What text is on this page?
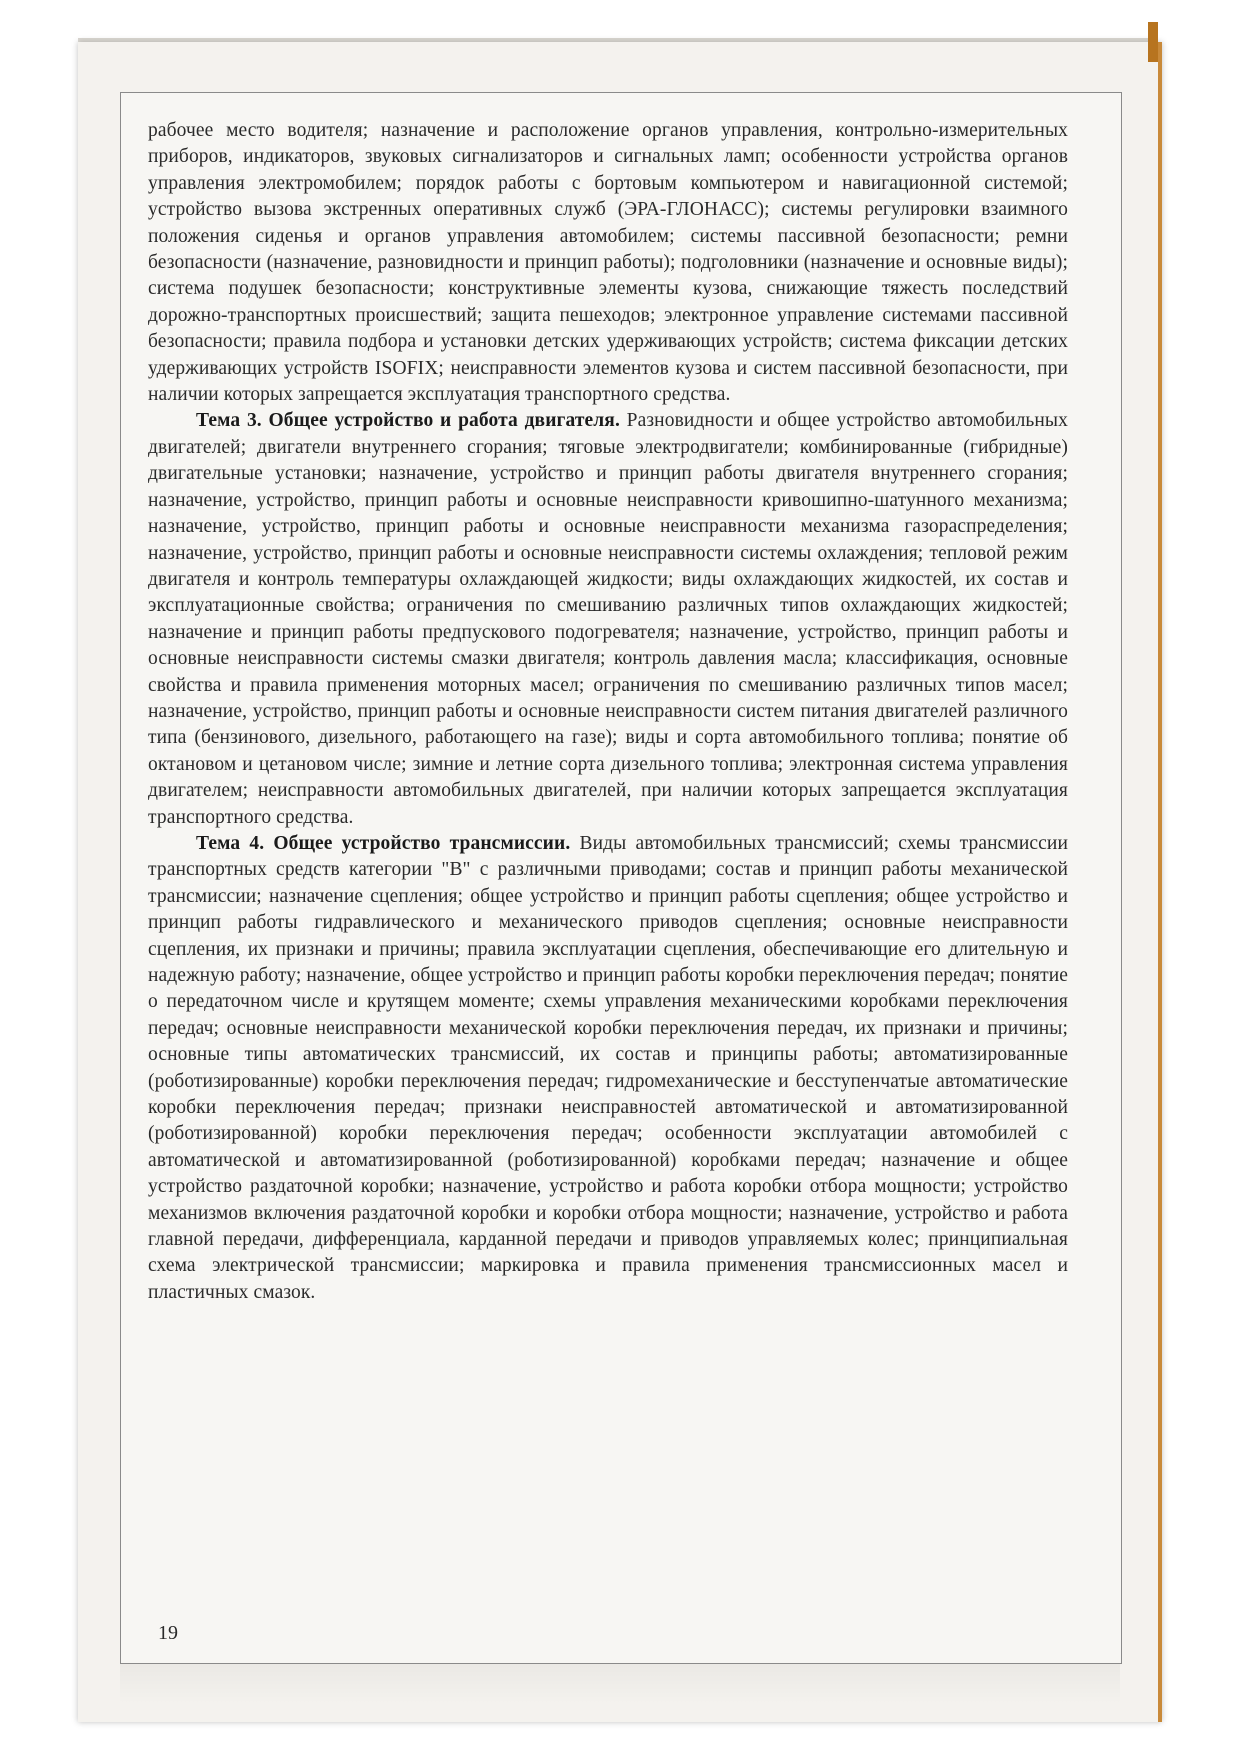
рабочее место водителя; назначение и расположение органов управления, контрольно-измерительных приборов, индикаторов, звуковых сигнализаторов и сигнальных ламп; особенности устройства органов управления электромобилем; порядок работы с бортовым компьютером и навигационной системой; устройство вызова экстренных оперативных служб (ЭРА-ГЛОНАСС); системы регулировки взаимного положения сиденья и органов управления автомобилем; системы пассивной безопасности; ремни безопасности (назначение, разновидности и принцип работы); подголовники (назначение и основные виды); система подушек безопасности; конструктивные элементы кузова, снижающие тяжесть последствий дорожно-транспортных происшествий; защита пешеходов; электронное управление системами пассивной безопасности; правила подбора и установки детских удерживающих устройств; система фиксации детских удерживающих устройств ISOFIX; неисправности элементов кузова и систем пассивной безопасности, при наличии которых запрещается эксплуатация транспортного средства.

Тема 3. Общее устройство и работа двигателя. Разновидности и общее устройство автомобильных двигателей; двигатели внутреннего сгорания; тяговые электродвигатели; комбинированные (гибридные) двигательные установки; назначение, устройство и принцип работы двигателя внутреннего сгорания; назначение, устройство, принцип работы и основные неисправности кривошипно-шатунного механизма; назначение, устройство, принцип работы и основные неисправности механизма газораспределения; назначение, устройство, принцип работы и основные неисправности системы охлаждения; тепловой режим двигателя и контроль температуры охлаждающей жидкости; виды охлаждающих жидкостей, их состав и эксплуатационные свойства; ограничения по смешиванию различных типов охлаждающих жидкостей; назначение и принцип работы предпускового подогревателя; назначение, устройство, принцип работы и основные неисправности системы смазки двигателя; контроль давления масла; классификация, основные свойства и правила применения моторных масел; ограничения по смешиванию различных типов масел; назначение, устройство, принцип работы и основные неисправности систем питания двигателей различного типа (бензинового, дизельного, работающего на газе); виды и сорта автомобильного топлива; понятие об октановом и цетановом числе; зимние и летние сорта дизельного топлива; электронная система управления двигателем; неисправности автомобильных двигателей, при наличии которых запрещается эксплуатация транспортного средства.

Тема 4. Общее устройство трансмиссии. Виды автомобильных трансмиссий; схемы трансмиссии транспортных средств категории "B" с различными приводами; состав и принцип работы механической трансмиссии; назначение сцепления; общее устройство и принцип работы сцепления; общее устройство и принцип работы гидравлического и механического приводов сцепления; основные неисправности сцепления, их признаки и причины; правила эксплуатации сцепления, обеспечивающие его длительную и надежную работу; назначение, общее устройство и принцип работы коробки переключения передач; понятие о передаточном числе и крутящем моменте; схемы управления механическими коробками переключения передач; основные неисправности механической коробки переключения передач, их признаки и причины; основные типы автоматических трансмиссий, их состав и принципы работы; автоматизированные (роботизированные) коробки переключения передач; гидромеханические и бесступенчатые автоматические коробки переключения передач; признаки неисправностей автоматической и автоматизированной (роботизированной) коробки переключения передач; особенности эксплуатации автомобилей с автоматической и автоматизированной (роботизированной) коробками передач; назначение и общее устройство раздаточной коробки; назначение, устройство и работа коробки отбора мощности; устройство механизмов включения раздаточной коробки и коробки отбора мощности; назначение, устройство и работа главной передачи, дифференциала, карданной передачи и приводов управляемых колес; принципиальная схема электрической трансмиссии; маркировка и правила применения трансмиссионных масел и пластичных смазок.

19
